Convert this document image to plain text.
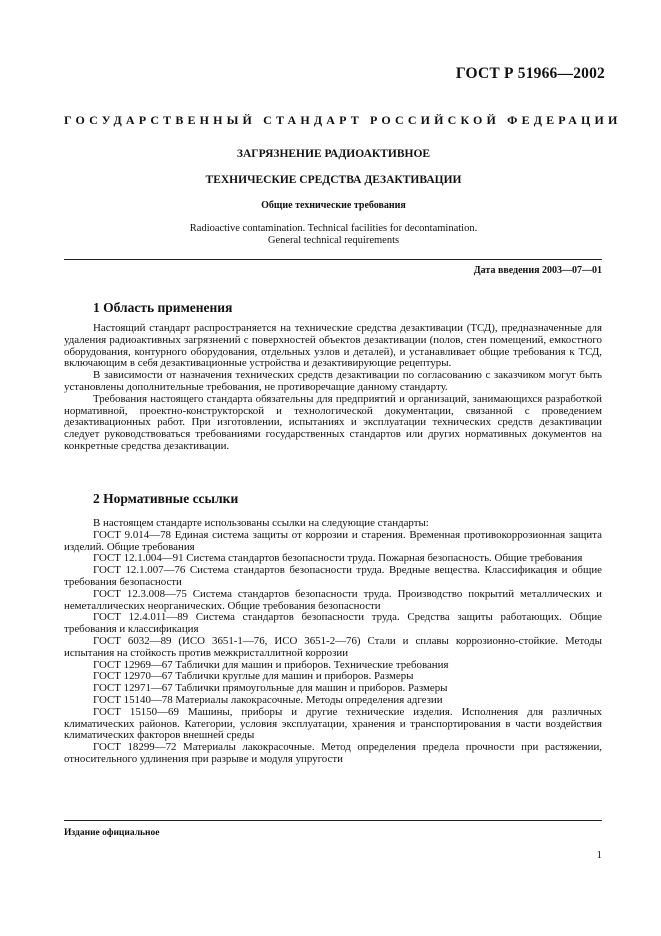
ГОСТ Р 51966—2002
ГОСУДАРСТВЕННЫЙ СТАНДАРТ РОССИЙСКОЙ ФЕДЕРАЦИИ
ЗАГРЯЗНЕНИЕ РАДИОАКТИВНОЕ
ТЕХНИЧЕСКИЕ СРЕДСТВА ДЕЗАКТИВАЦИИ
Общие технические требования
Radioactive contamination. Technical facilities for decontamination.
General technical requirements
Дата введения 2003—07—01
1 Область применения

Настоящий стандарт распространяется на технические средства дезактивации (ТСД), предназначенные для удаления радиоактивных загрязнений с поверхностей объектов дезактивации (полов, стен помещений, емкостного оборудования, контурного оборудования, отдельных узлов и деталей), и устанавливает общие требования к ТСД, включающим в себя дезактивационные устройства и дезактивирующие рецептуры.

В зависимости от назначения технических средств дезактивации по согласованию с заказчиком могут быть установлены дополнительные требования, не противоречащие данному стандарту.

Требования настоящего стандарта обязательны для предприятий и организаций, занимающихся разработкой нормативной, проектно-конструкторской и технологической документации, связанной с проведением дезактивационных работ. При изготовлении, испытаниях и эксплуатации технических средств дезактивации следует руководствоваться требованиями государственных стандартов или других нормативных документов на конкретные средства дезактивации.

2 Нормативные ссылки

В настоящем стандарте использованы ссылки на следующие стандарты:

ГОСТ 9.014—78 Единая система защиты от коррозии и старения. Временная противокоррозионная защита изделий. Общие требования

ГОСТ 12.1.004—91 Система стандартов безопасности труда. Пожарная безопасность. Общие требования

ГОСТ 12.1.007—76 Система стандартов безопасности труда. Вредные вещества. Классификация и общие требования безопасности

ГОСТ 12.3.008—75 Система стандартов безопасности труда. Производство покрытий металлических и неметаллических неорганических. Общие требования безопасности

ГОСТ 12.4.011—89 Система стандартов безопасности труда. Средства защиты работающих. Общие требования и классификация

ГОСТ 6032—89 (ИСО 3651-1—76, ИСО 3651-2—76) Стали и сплавы коррозионно-стойкие. Методы испытания на стойкость против межкристаллитной коррозии

ГОСТ 12969—67 Таблички для машин и приборов. Технические требования

ГОСТ 12970—67 Таблички круглые для машин и приборов. Размеры

ГОСТ 12971—67 Таблички прямоугольные для машин и приборов. Размеры

ГОСТ 15140—78 Материалы лакокрасочные. Методы определения адгезии

ГОСТ 15150—69 Машины, приборы и другие технические изделия. Исполнения для различных климатических районов. Категории, условия эксплуатации, хранения и транспортирования в части воздействия климатических факторов внешней среды

ГОСТ 18299—72 Материалы лакокрасочные. Метод определения предела прочности при растяжении, относительного удлинения при разрыве и модуля упругости

Издание официальное
1
